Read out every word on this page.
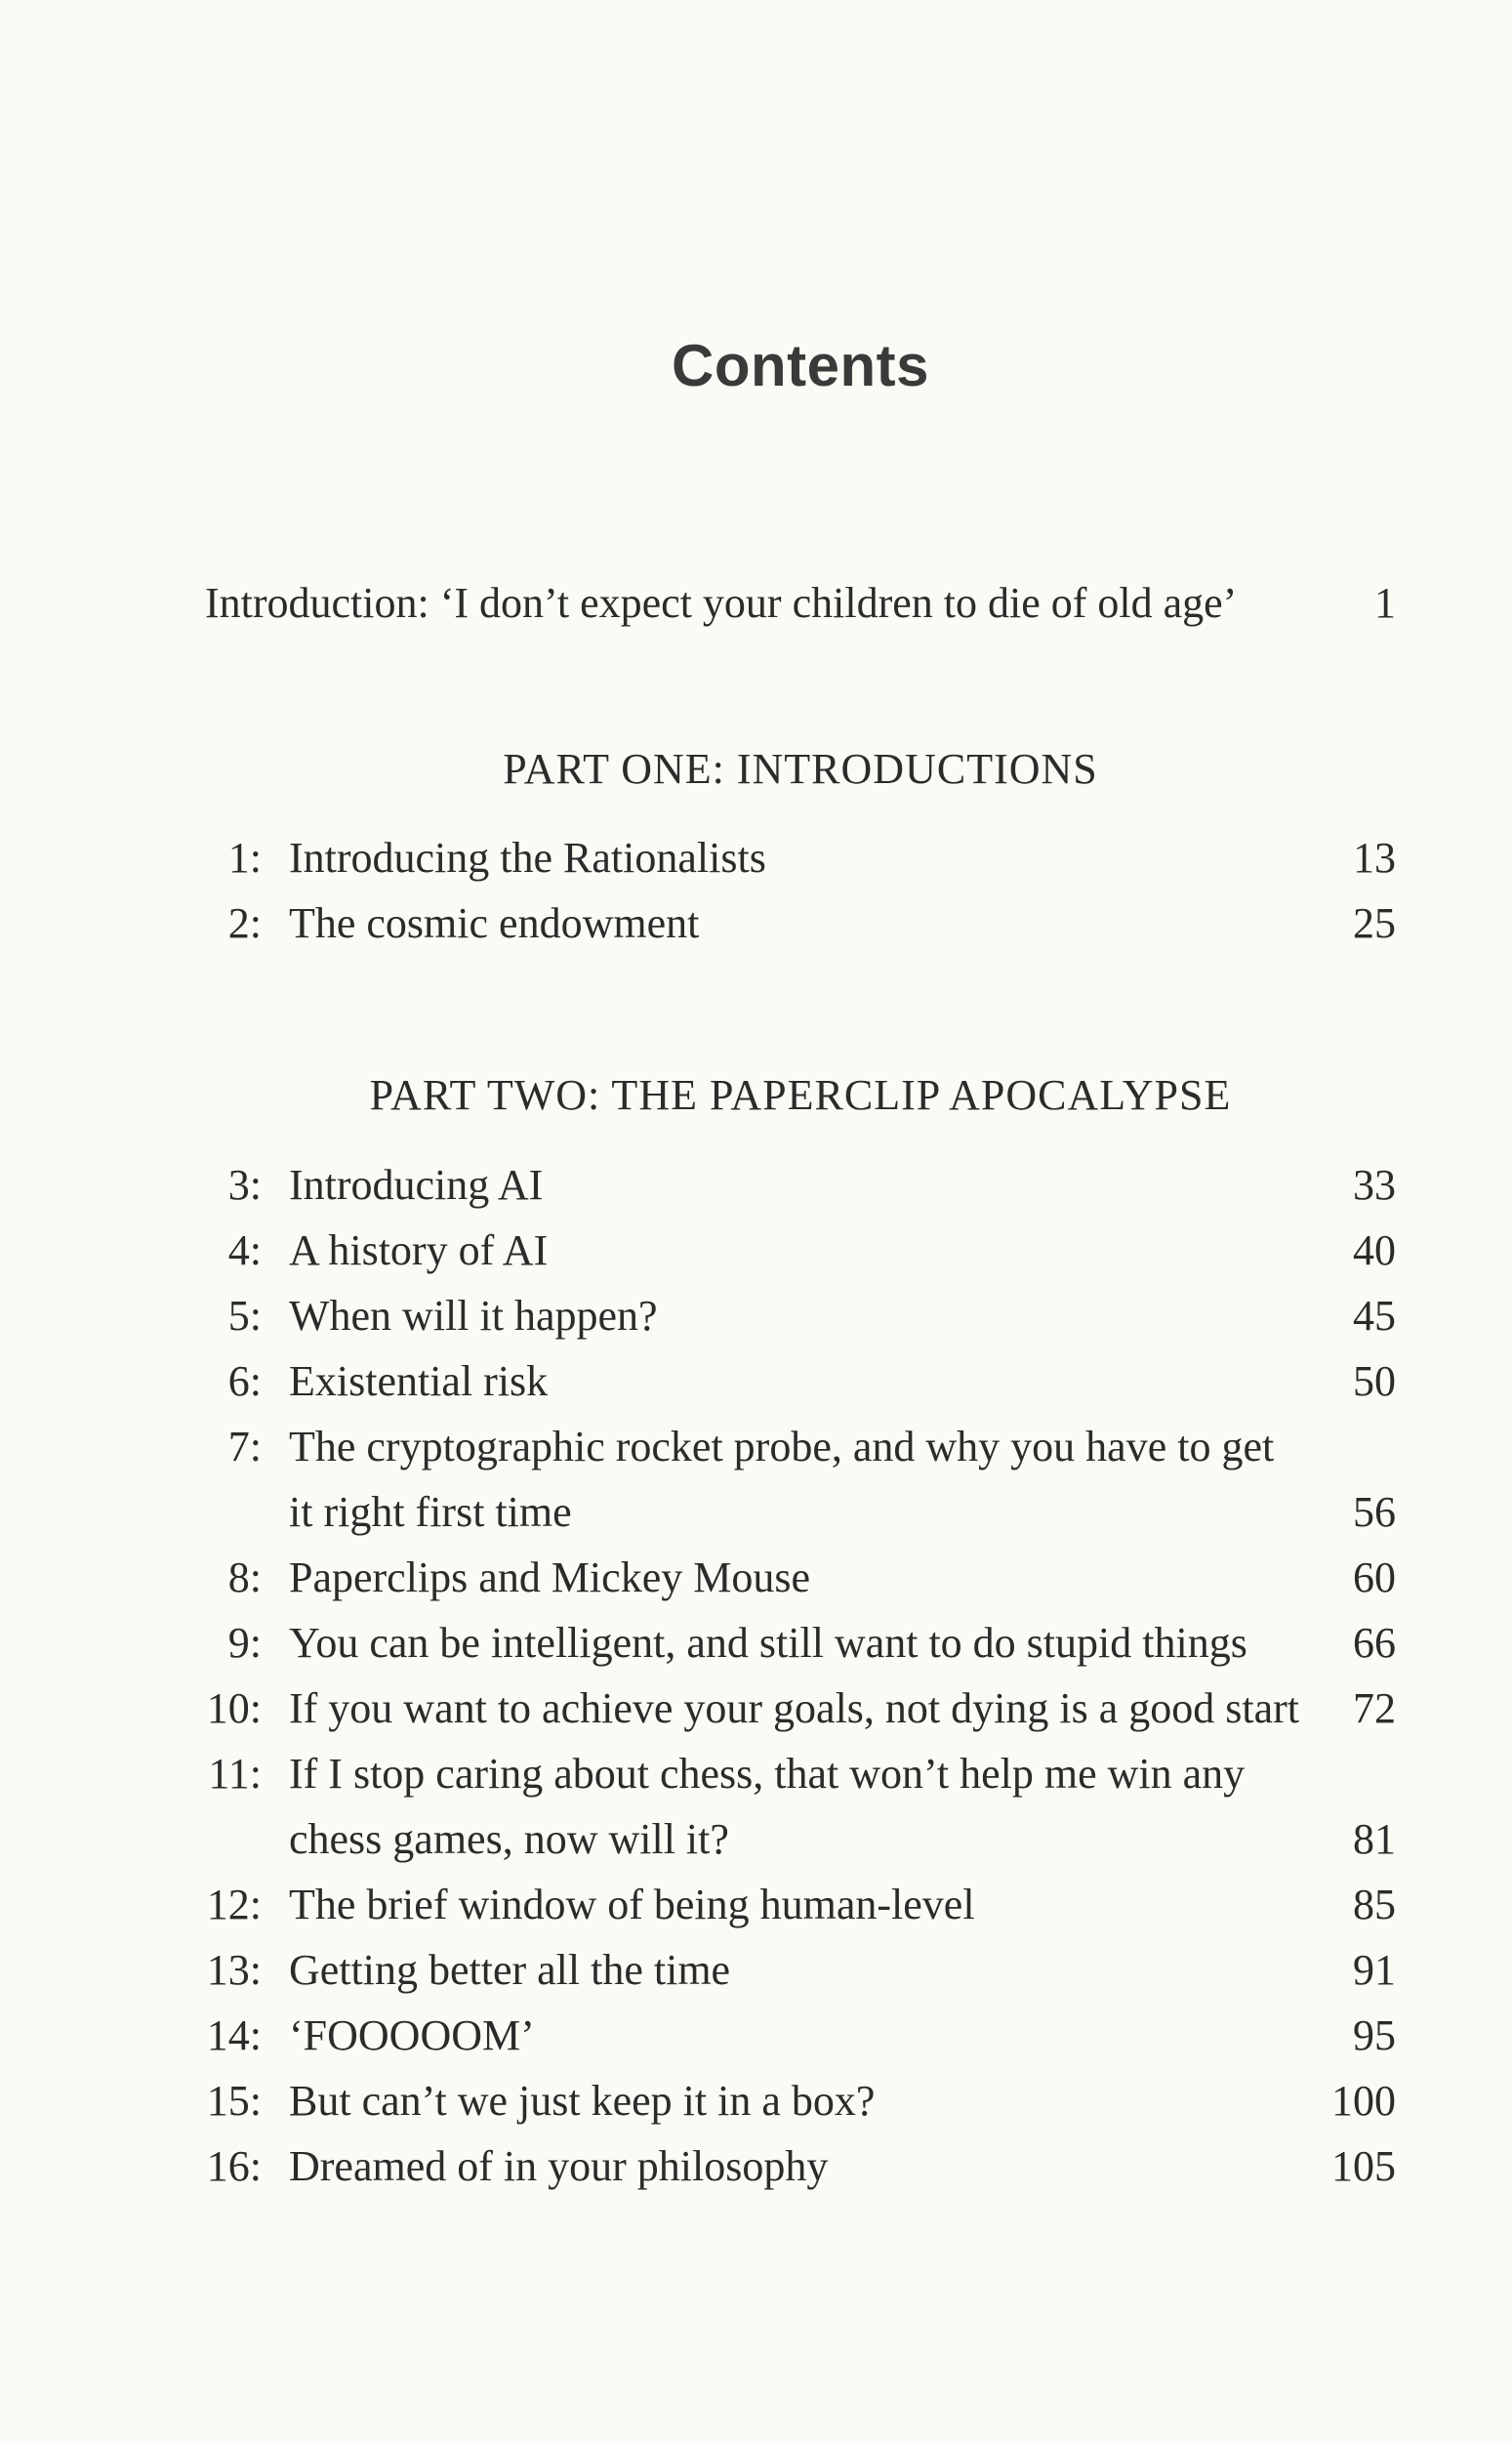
Contents
Introduction: ‘I don’t expect your children to die of old age’	1
PART ONE: INTRODUCTIONS
1: Introducing the Rationalists	13
2: The cosmic endowment	25
PART TWO: THE PAPERCLIP APOCALYPSE
3: Introducing AI	33
4: A history of AI	40
5: When will it happen?	45
6: Existential risk	50
7: The cryptographic rocket probe, and why you have to get it right first time	56
8: Paperclips and Mickey Mouse	60
9: You can be intelligent, and still want to do stupid things	66
10: If you want to achieve your goals, not dying is a good start	72
11: If I stop caring about chess, that won’t help me win any chess games, now will it?	81
12: The brief window of being human-level	85
13: Getting better all the time	91
14: ‘FOOOOOM’	95
15: But can’t we just keep it in a box?	100
16: Dreamed of in your philosophy	105
